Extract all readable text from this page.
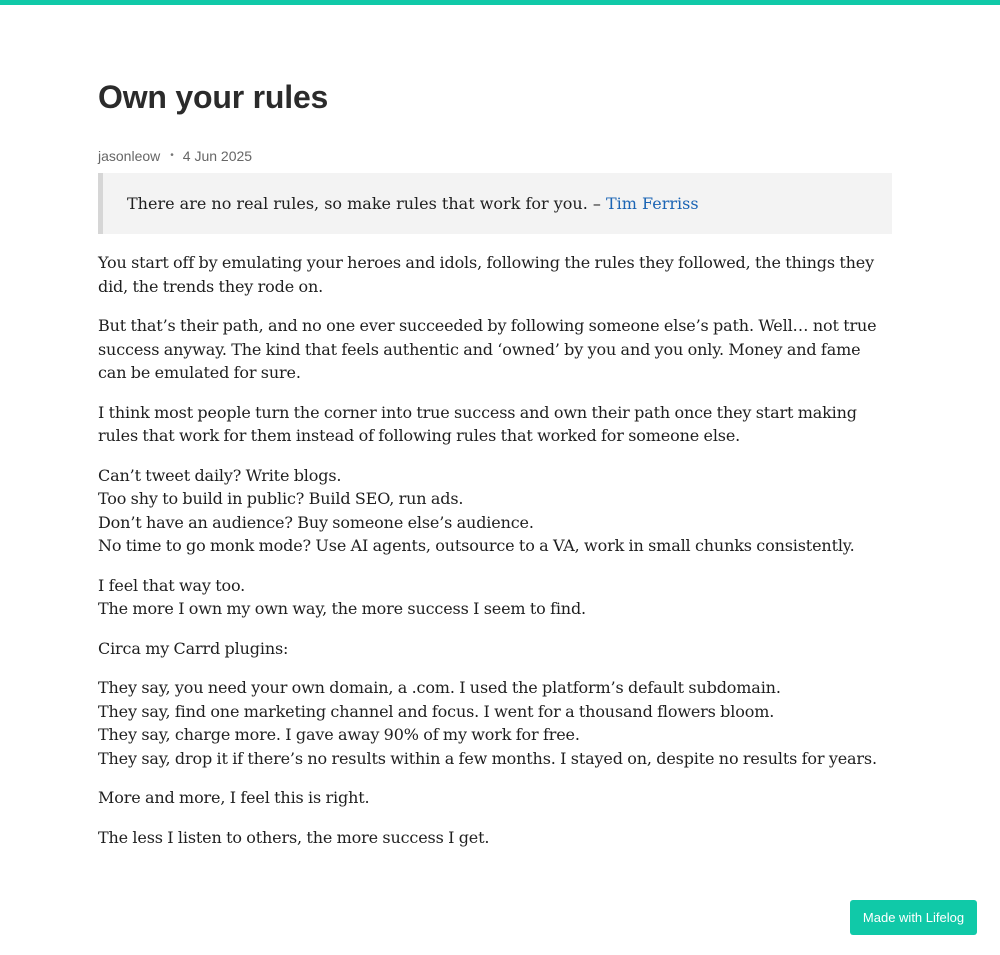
Own your rules
jasonleow • 4 Jun 2025
There are no real rules, so make rules that work for you. – Tim Ferriss

You start off by emulating your heroes and idols, following the rules they followed, the things they did, the trends they rode on.

But that’s their path, and no one ever succeeded by following someone else’s path. Well… not true success anyway. The kind that feels authentic and ‘owned’ by you and you only. Money and fame can be emulated for sure.

I think most people turn the corner into true success and own their path once they start making rules that work for them instead of following rules that worked for someone else.

Can’t tweet daily? Write blogs.
Too shy to build in public? Build SEO, run ads.
Don’t have an audience? Buy someone else’s audience.
No time to go monk mode? Use AI agents, outsource to a VA, work in small chunks consistently.

I feel that way too.
The more I own my own way, the more success I seem to find.

Circa my Carrd plugins:

They say, you need your own domain, a .com. I used the platform’s default subdomain.
They say, find one marketing channel and focus. I went for a thousand flowers bloom.
They say, charge more. I gave away 90% of my work for free.
They say, drop it if there’s no results within a few months. I stayed on, despite no results for years.

More and more, I feel this is right.

The less I listen to others, the more success I get.

Made with Lifelog
